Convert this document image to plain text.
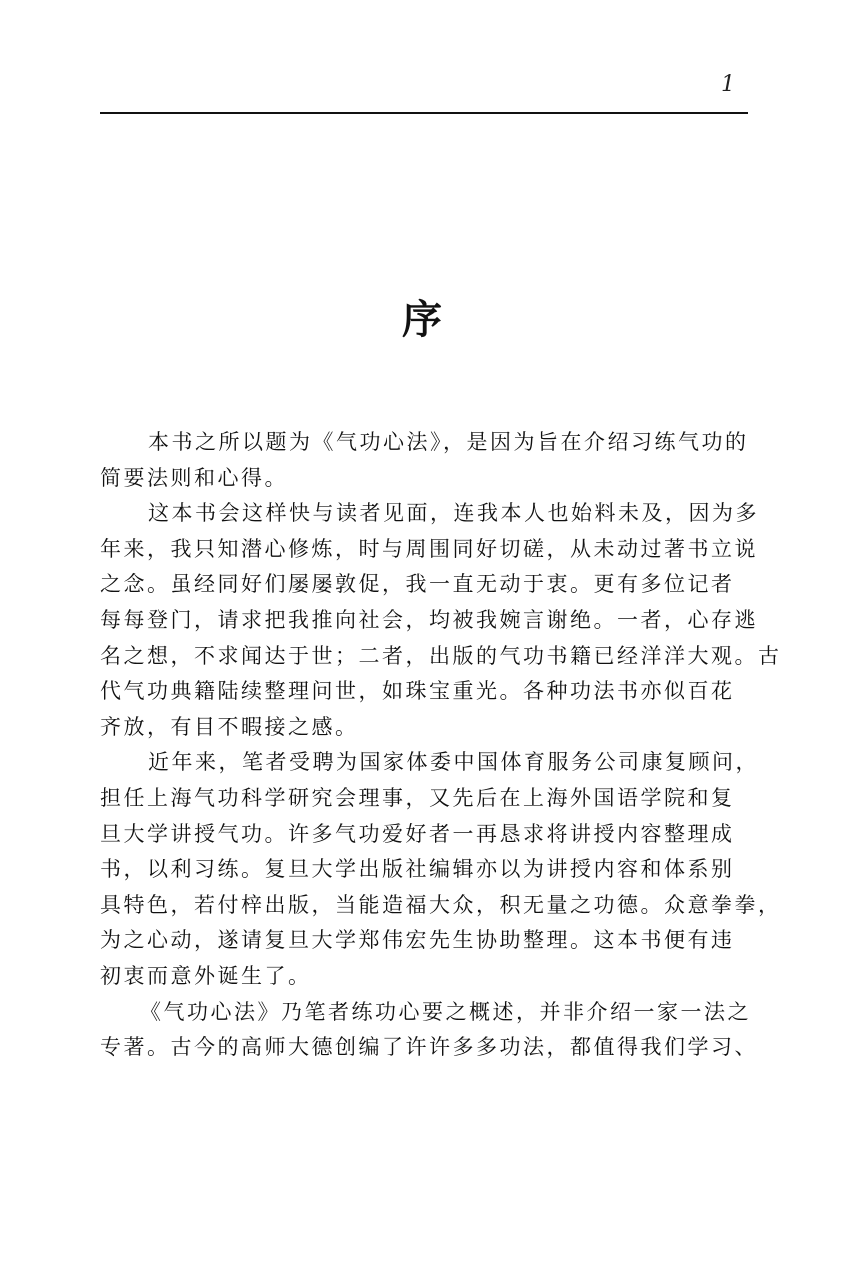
1
序
本书之所以题为《气功心法》，是因为旨在介绍习练气功的
简要法则和心得。
这本书会这样快与读者见面，连我本人也始料未及，因为多
年来，我只知潜心修炼，时与周围同好切磋，从未动过著书立说
之念。虽经同好们屡屡敦促，我一直无动于衷。更有多位记者
每每登门，请求把我推向社会，均被我婉言谢绝。一者，心存逃
名之想，不求闻达于世；二者，出版的气功书籍已经洋洋大观。古
代气功典籍陆续整理问世，如珠宝重光。各种功法书亦似百花
齐放，有目不暇接之感。
近年来，笔者受聘为国家体委中国体育服务公司康复顾问，
担任上海气功科学研究会理事，又先后在上海外国语学院和复
旦大学讲授气功。许多气功爱好者一再恳求将讲授内容整理成
书，以利习练。复旦大学出版社编辑亦以为讲授内容和体系别
具特色，若付梓出版，当能造福大众，积无量之功德。众意拳拳，
为之心动，遂请复旦大学郑伟宏先生协助整理。这本书便有违
初衷而意外诞生了。
《气功心法》乃笔者练功心要之概述，并非介绍一家一法之
专著。古今的高师大德创编了许许多多功法，都值得我们学习、
